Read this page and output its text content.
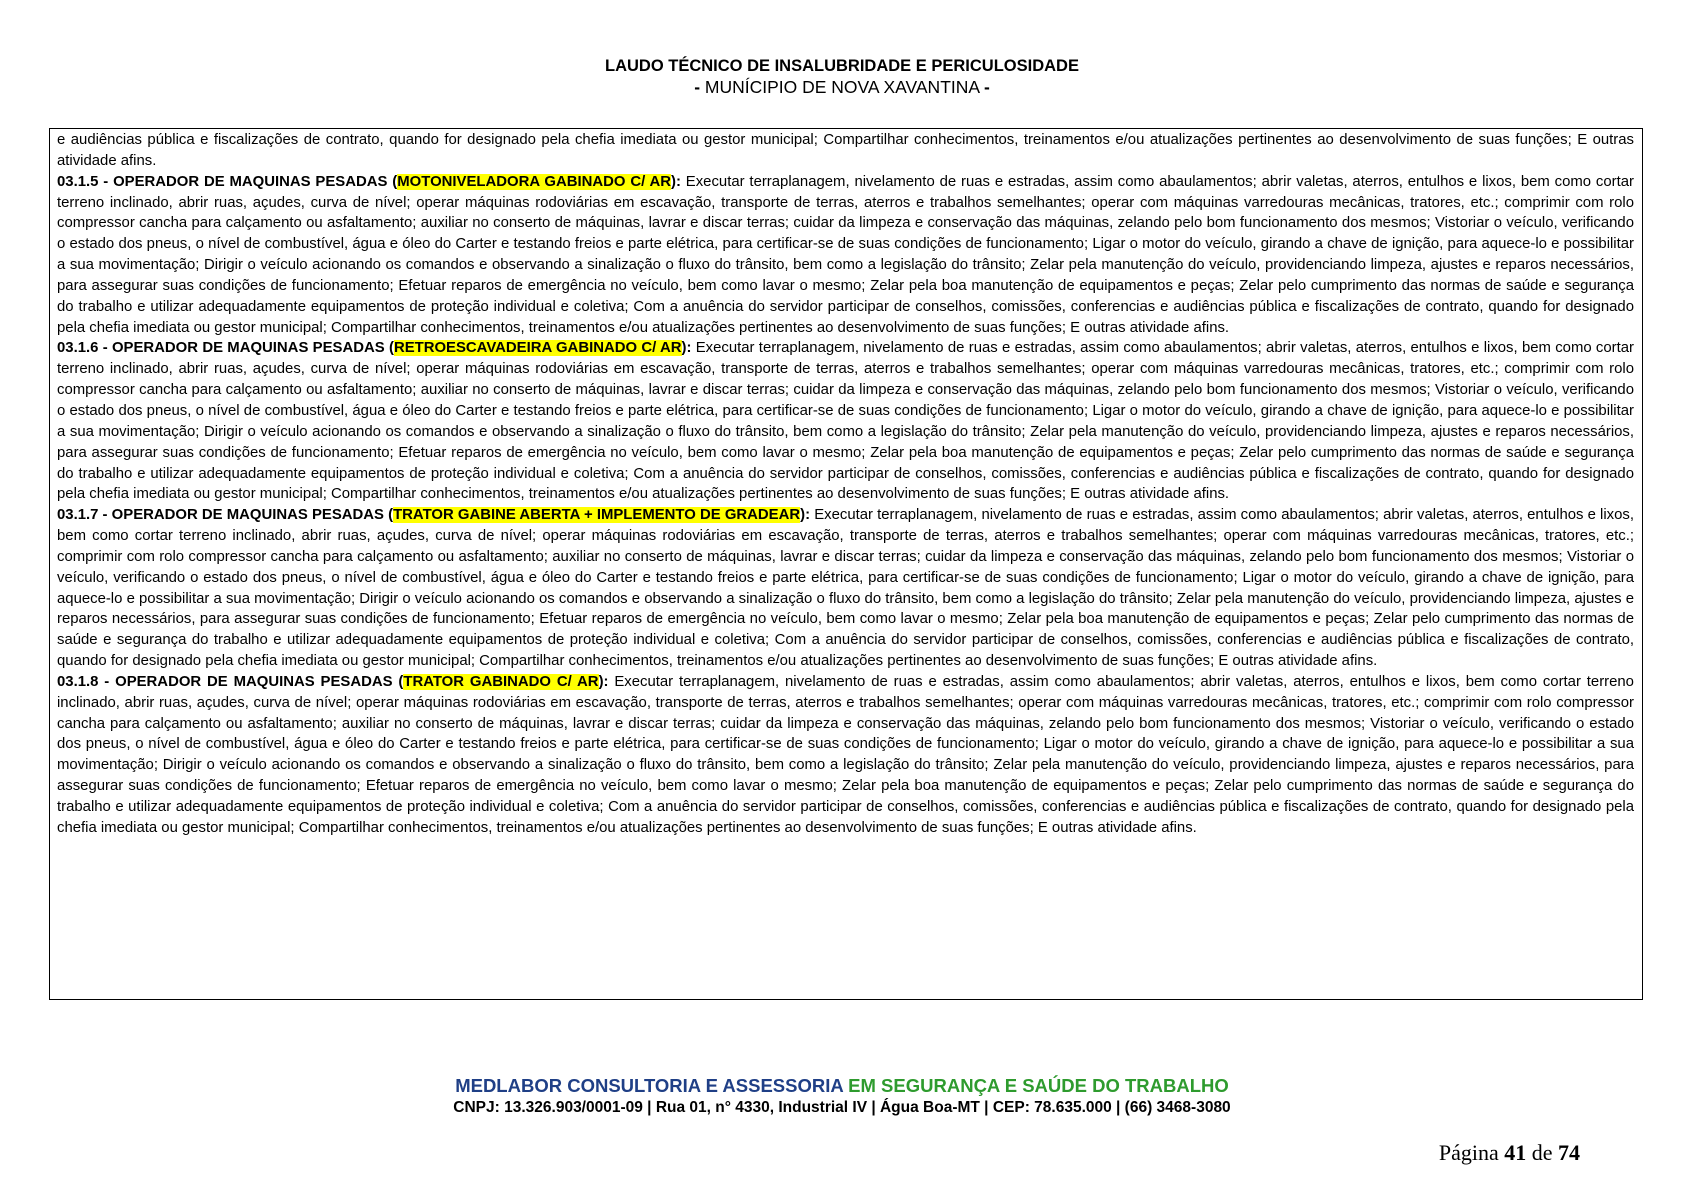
LAUDO TÉCNICO DE INSALUBRIDADE E PERICULOSIDADE
- MUNÍCIPIO DE NOVA XAVANTINA -

e audiências pública e fiscalizações de contrato, quando for designado pela chefia imediata ou gestor municipal; Compartilhar conhecimentos, treinamentos e/ou atualizações pertinentes ao desenvolvimento de suas funções; E outras atividade afins.

03.1.5 - OPERADOR DE MAQUINAS PESADAS (MOTONIVELADORA GABINADO C/ AR): Executar terraplanagem, nivelamento de ruas e estradas, assim como abaulamentos; abrir valetas, aterros, entulhos e lixos, bem como cortar terreno inclinado, abrir ruas, açudes, curva de nível; operar máquinas rodoviárias em escavação, transporte de terras, aterros e trabalhos semelhantes; operar com máquinas varredouras mecânicas, tratores, etc.; comprimir com rolo compressor cancha para calçamento ou asfaltamento; auxiliar no conserto de máquinas, lavrar e discar terras; cuidar da limpeza e conservação das máquinas, zelando pelo bom funcionamento dos mesmos; Vistoriar o veículo, verificando o estado dos pneus, o nível de combustível, água e óleo do Carter e testando freios e parte elétrica, para certificar-se de suas condições de funcionamento; Ligar o motor do veículo, girando a chave de ignição, para aquece-lo e possibilitar a sua movimentação; Dirigir o veículo acionando os comandos e observando a sinalização o fluxo do trânsito, bem como a legislação do trânsito; Zelar pela manutenção do veículo, providenciando limpeza, ajustes e reparos necessários, para assegurar suas condições de funcionamento; Efetuar reparos de emergência no veículo, bem como lavar o mesmo; Zelar pela boa manutenção de equipamentos e peças; Zelar pelo cumprimento das normas de saúde e segurança do trabalho e utilizar adequadamente equipamentos de proteção individual e coletiva; Com a anuência do servidor participar de conselhos, comissões, conferencias e audiências pública e fiscalizações de contrato, quando for designado pela chefia imediata ou gestor municipal; Compartilhar conhecimentos, treinamentos e/ou atualizações pertinentes ao desenvolvimento de suas funções; E outras atividade afins.

03.1.6 - OPERADOR DE MAQUINAS PESADAS (RETROESCAVADEIRA GABINADO C/ AR): Executar terraplanagem, nivelamento de ruas e estradas, assim como abaulamentos; abrir valetas, aterros, entulhos e lixos, bem como cortar terreno inclinado, abrir ruas, açudes, curva de nível; operar máquinas rodoviárias em escavação, transporte de terras, aterros e trabalhos semelhantes; operar com máquinas varredouras mecânicas, tratores, etc.; comprimir com rolo compressor cancha para calçamento ou asfaltamento; auxiliar no conserto de máquinas, lavrar e discar terras; cuidar da limpeza e conservação das máquinas, zelando pelo bom funcionamento dos mesmos; Vistoriar o veículo, verificando o estado dos pneus, o nível de combustível, água e óleo do Carter e testando freios e parte elétrica, para certificar-se de suas condições de funcionamento; Ligar o motor do veículo, girando a chave de ignição, para aquece-lo e possibilitar a sua movimentação; Dirigir o veículo acionando os comandos e observando a sinalização o fluxo do trânsito, bem como a legislação do trânsito; Zelar pela manutenção do veículo, providenciando limpeza, ajustes e reparos necessários, para assegurar suas condições de funcionamento; Efetuar reparos de emergência no veículo, bem como lavar o mesmo; Zelar pela boa manutenção de equipamentos e peças; Zelar pelo cumprimento das normas de saúde e segurança do trabalho e utilizar adequadamente equipamentos de proteção individual e coletiva; Com a anuência do servidor participar de conselhos, comissões, conferencias e audiências pública e fiscalizações de contrato, quando for designado pela chefia imediata ou gestor municipal; Compartilhar conhecimentos, treinamentos e/ou atualizações pertinentes ao desenvolvimento de suas funções; E outras atividade afins.

03.1.7 - OPERADOR DE MAQUINAS PESADAS (TRATOR GABINE ABERTA + IMPLEMENTO DE GRADEAR): Executar terraplanagem, nivelamento de ruas e estradas, assim como abaulamentos; abrir valetas, aterros, entulhos e lixos, bem como cortar terreno inclinado, abrir ruas, açudes, curva de nível; operar máquinas rodoviárias em escavação, transporte de terras, aterros e trabalhos semelhantes; operar com máquinas varredouras mecânicas, tratores, etc.; comprimir com rolo compressor cancha para calçamento ou asfaltamento; auxiliar no conserto de máquinas, lavrar e discar terras; cuidar da limpeza e conservação das máquinas, zelando pelo bom funcionamento dos mesmos; Vistoriar o veículo, verificando o estado dos pneus, o nível de combustível, água e óleo do Carter e testando freios e parte elétrica, para certificar-se de suas condições de funcionamento; Ligar o motor do veículo, girando a chave de ignição, para aquece-lo e possibilitar a sua movimentação; Dirigir o veículo acionando os comandos e observando a sinalização o fluxo do trânsito, bem como a legislação do trânsito; Zelar pela manutenção do veículo, providenciando limpeza, ajustes e reparos necessários, para assegurar suas condições de funcionamento; Efetuar reparos de emergência no veículo, bem como lavar o mesmo; Zelar pela boa manutenção de equipamentos e peças; Zelar pelo cumprimento das normas de saúde e segurança do trabalho e utilizar adequadamente equipamentos de proteção individual e coletiva; Com a anuência do servidor participar de conselhos, comissões, conferencias e audiências pública e fiscalizações de contrato, quando for designado pela chefia imediata ou gestor municipal; Compartilhar conhecimentos, treinamentos e/ou atualizações pertinentes ao desenvolvimento de suas funções; E outras atividade afins.

03.1.8 - OPERADOR DE MAQUINAS PESADAS (TRATOR GABINADO C/ AR): Executar terraplanagem, nivelamento de ruas e estradas, assim como abaulamentos; abrir valetas, aterros, entulhos e lixos, bem como cortar terreno inclinado, abrir ruas, açudes, curva de nível; operar máquinas rodoviárias em escavação, transporte de terras, aterros e trabalhos semelhantes; operar com máquinas varredouras mecânicas, tratores, etc.; comprimir com rolo compressor cancha para calçamento ou asfaltamento; auxiliar no conserto de máquinas, lavrar e discar terras; cuidar da limpeza e conservação das máquinas, zelando pelo bom funcionamento dos mesmos; Vistoriar o veículo, verificando o estado dos pneus, o nível de combustível, água e óleo do Carter e testando freios e parte elétrica, para certificar-se de suas condições de funcionamento; Ligar o motor do veículo, girando a chave de ignição, para aquece-lo e possibilitar a sua movimentação; Dirigir o veículo acionando os comandos e observando a sinalização o fluxo do trânsito, bem como a legislação do trânsito; Zelar pela manutenção do veículo, providenciando limpeza, ajustes e reparos necessários, para assegurar suas condições de funcionamento; Efetuar reparos de emergência no veículo, bem como lavar o mesmo; Zelar pela boa manutenção de equipamentos e peças; Zelar pelo cumprimento das normas de saúde e segurança do trabalho e utilizar adequadamente equipamentos de proteção individual e coletiva; Com a anuência do servidor participar de conselhos, comissões, conferencias e audiências pública e fiscalizações de contrato, quando for designado pela chefia imediata ou gestor municipal; Compartilhar conhecimentos, treinamentos e/ou atualizações pertinentes ao desenvolvimento de suas funções; E outras atividade afins.

MEDLABOR CONSULTORIA E ASSESSORIA EM SEGURANÇA E SAÚDE DO TRABALHO
CNPJ: 13.326.903/0001-09 | Rua 01, n° 4330, Industrial IV | Água Boa-MT | CEP: 78.635.000 | (66) 3468-3080
Página 41 de 74
